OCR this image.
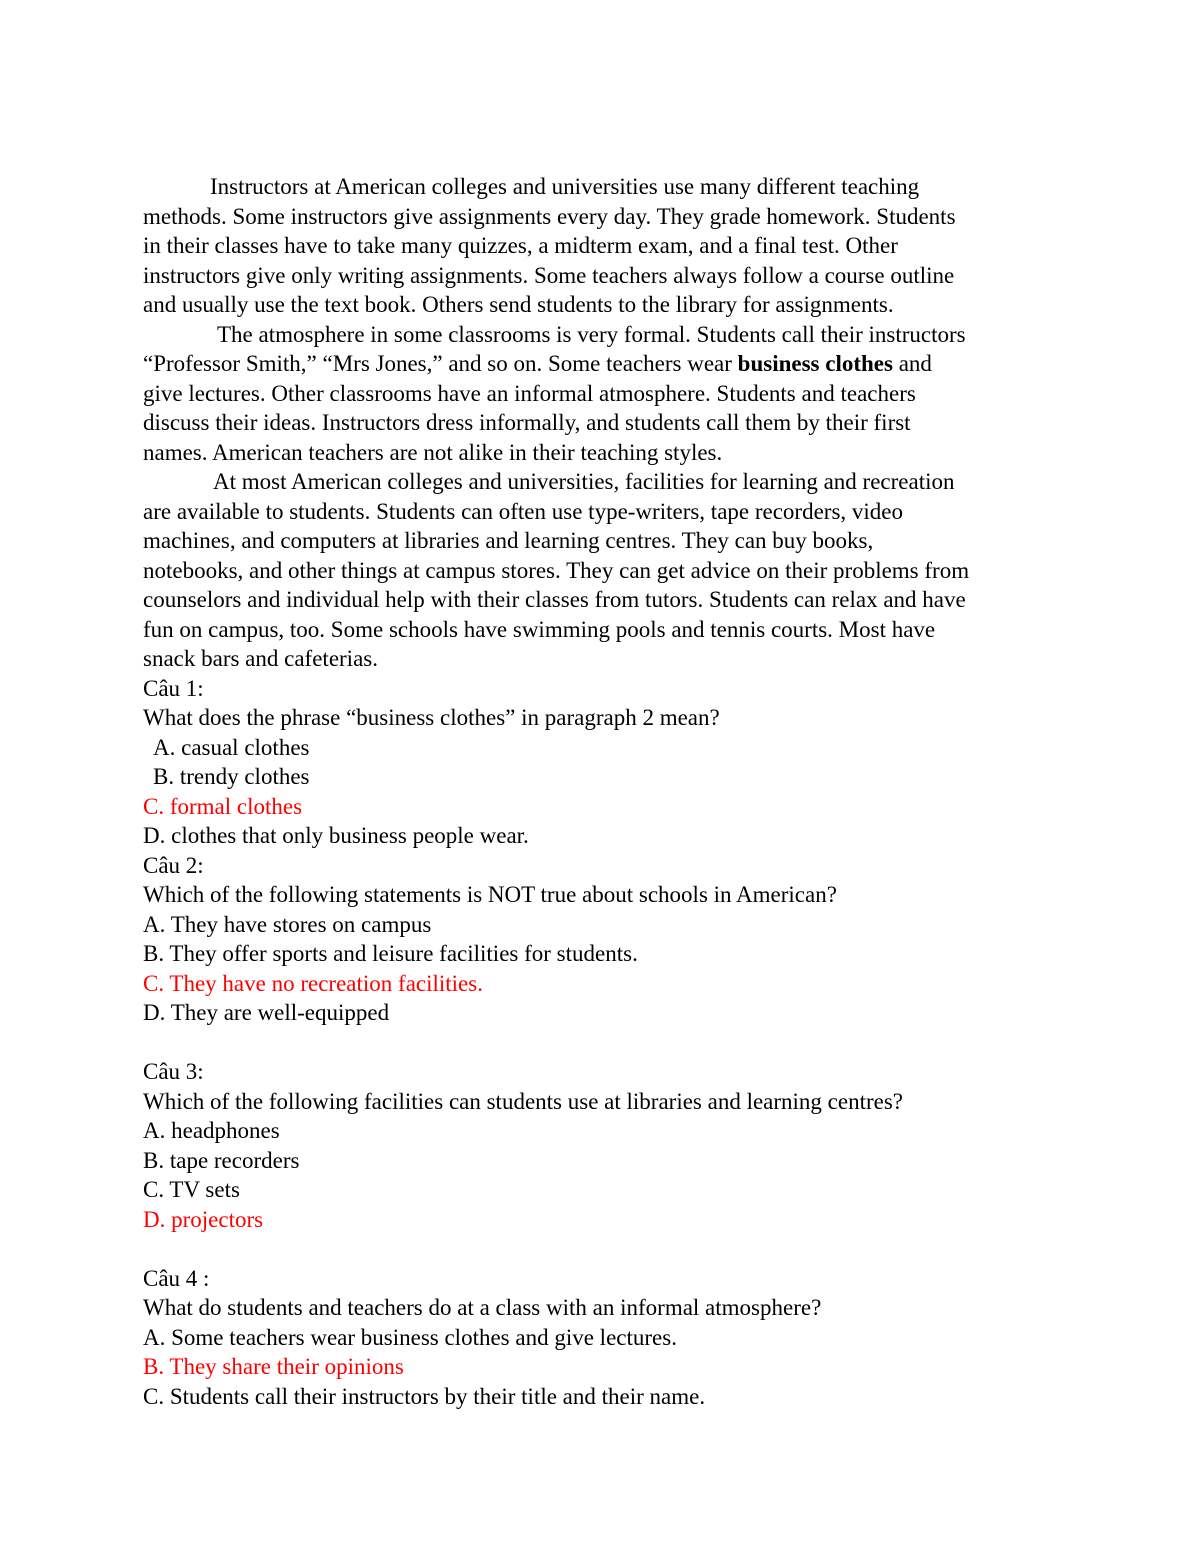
Instructors at American colleges and universities use many different teaching
methods. Some instructors give assignments every day. They grade homework. Students
in their classes have to take many quizzes, a midterm exam, and a final test. Other
instructors give only writing assignments. Some teachers always follow a course outline
and usually use the text book. Others send students to the library for assignments.
The atmosphere in some classrooms is very formal. Students call their instructors
“Professor Smith,” “Mrs Jones,” and so on. Some teachers wear business clothes and
give lectures. Other classrooms have an informal atmosphere. Students and teachers
discuss their ideas. Instructors dress informally, and students call them by their first
names. American teachers are not alike in their teaching styles.
At most American colleges and universities, facilities for learning and recreation
are available to students. Students can often use type-writers, tape recorders, video
machines, and computers at libraries and learning centres. They can buy books,
notebooks, and other things at campus stores. They can get advice on their problems from
counselors and individual help with their classes from tutors. Students can relax and have
fun on campus, too. Some schools have swimming pools and tennis courts. Most have
snack bars and cafeterias.
Câu 1:
What does the phrase “business clothes” in paragraph 2 mean?
A. casual clothes
B. trendy clothes
C. formal clothes
D. clothes that only business people wear.
Câu 2:
Which of the following statements is NOT true about schools in American?
A. They have stores on campus
B. They offer sports and leisure facilities for students.
C. They have no recreation facilities.
D. They are well-equipped
Câu 3:
Which of the following facilities can students use at libraries and learning centres?
A. headphones
B. tape recorders
C. TV sets
D. projectors
Câu 4 :
What do students and teachers do at a class with an informal atmosphere?
A. Some teachers wear business clothes and give lectures.
B. They share their opinions
C. Students call their instructors by their title and their name.
